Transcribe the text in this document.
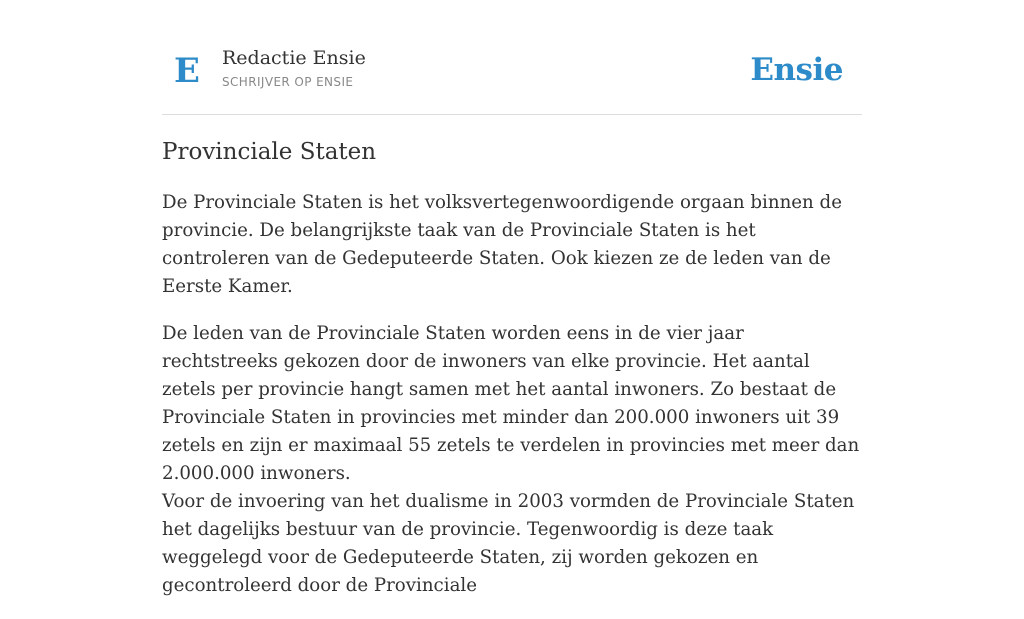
E Redactie Ensie
SCHRIJVER OP ENSIE	Ensie
Provinciale Staten

De Provinciale Staten is het volksvertegenwoordigende orgaan binnen de provincie. De belangrijkste taak van de Provinciale Staten is het controleren van de Gedeputeerde Staten. Ook kiezen ze de leden van de Eerste Kamer.

De leden van de Provinciale Staten worden eens in de vier jaar rechtstreeks gekozen door de inwoners van elke provincie. Het aantal zetels per provincie hangt samen met het aantal inwoners. Zo bestaat de Provinciale Staten in provincies met minder dan 200.000 inwoners uit 39 zetels en zijn er maximaal 55 zetels te verdelen in provincies met meer dan 2.000.000 inwoners.

Voor de invoering van het dualisme in 2003 vormden de Provinciale Staten het dagelijks bestuur van de provincie. Tegenwoordig is deze taak weggelegd voor de Gedeputeerde Staten, zij worden gekozen en gecontroleerd door de Provinciale
